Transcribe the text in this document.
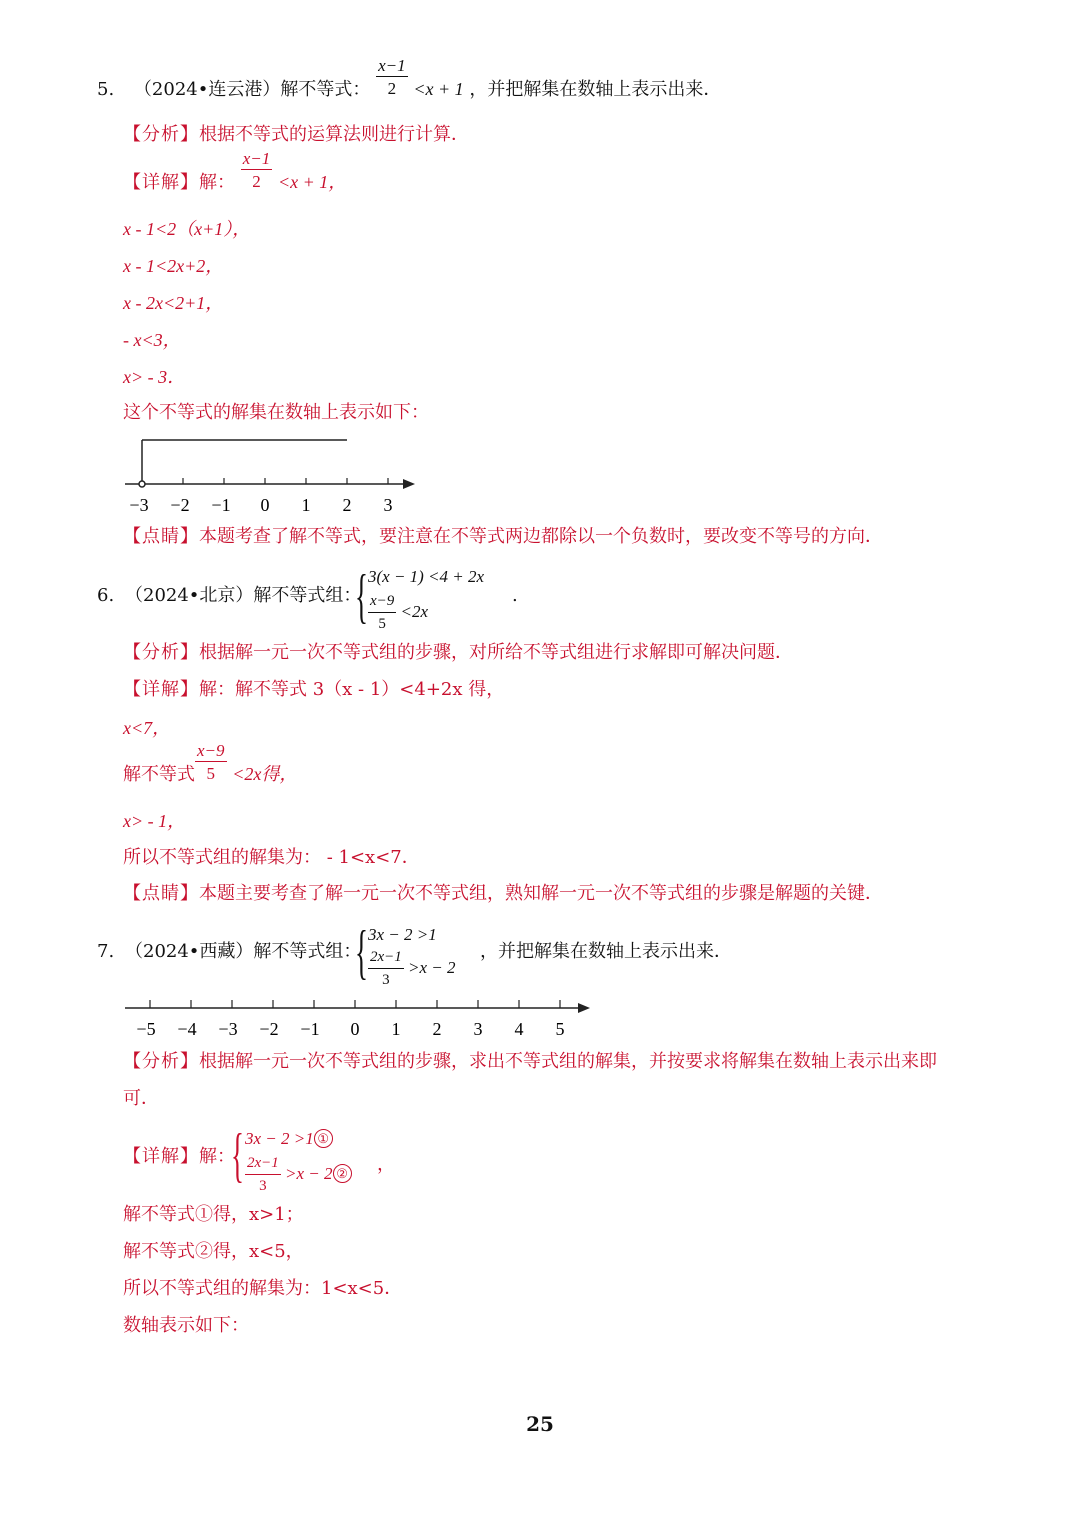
5. （2024•连云港）解不等式： $\frac{x-1}{2} <x + 1$ ，并把解集在数轴上表示出来．
【分析】根据不等式的运算法则进行计算．
【详解】解： $\frac{x-1}{2} <x + 1$，
x - 1<2（x+1），
x - 1<2x+2，
x - 2x<2+1，
- x<3，
x> - 3．
这个不等式的解集在数轴上表示如下：
−3 −2 −1 0 1 2 3
【点睛】本题考查了解不等式，要注意在不等式两边都除以一个负数时，要改变不等号的方向．
6. （2024•北京）解不等式组：
{ 3(x − 1) <4 + 2x
$\frac{x-9}{5} <2x$
.
【分析】根据解一元一次不等式组的步骤，对所给不等式组进行求解即可解决问题．
【详解】解：解不等式 3（x - 1）<4+2x 得，
x<7，
解不等式 $\frac{x-9}{5} <2x$得，
x> - 1，
所以不等式组的解集为： - 1<x<7．
【点睛】本题主要考查了解一元一次不等式组，熟知解一元一次不等式组的步骤是解题的关键．
7. （2024•西藏）解不等式组：
{ 3x − 2 >1
$\frac{2x-1}{3} >x - 2$
，并把解集在数轴上表示出来．
−5 −4 −3 −2 −1 0 1 2 3 4 5
【分析】根据解一元一次不等式组的步骤，求出不等式组的解集，并按要求将解集在数轴上表示出来即
可．
【详解】解：
{ 3x − 2 >1 ①
$\frac{2x-1}{3} >x - 2$ ② ，
解不等式①得，x>1；
解不等式②得，x<5，
所以不等式组的解集为：1<x<5．
数轴表示如下：
25
